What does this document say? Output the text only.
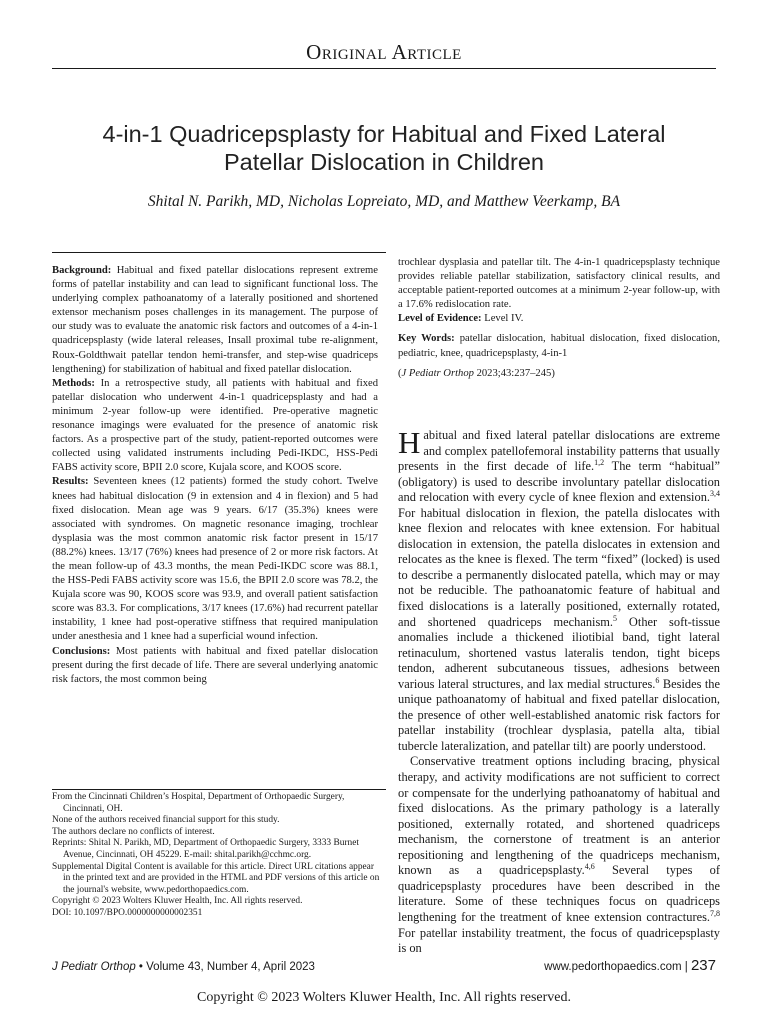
Original Article
4-in-1 Quadricepsplasty for Habitual and Fixed Lateral
Patellar Dislocation in Children
Shital N. Parikh, MD, Nicholas Lopreiato, MD, and Matthew Veerkamp, BA

Background: Habitual and fixed patellar dislocations represent extreme forms of patellar instability and can lead to significant functional loss. The underlying complex pathoanatomy of a laterally positioned and shortened extensor mechanism poses challenges in its management. The purpose of our study was to evaluate the anatomic risk factors and outcomes of a 4-in-1 quadricepsplasty (wide lateral releases, Insall proximal tube re-alignment, Roux-Goldthwait patellar tendon hemi-transfer, and step-wise quadriceps lengthening) for stabilization of habitual and fixed patellar dislocation.

Methods: In a retrospective study, all patients with habitual and fixed patellar dislocation who underwent 4-in-1 quadricepsplasty and had a minimum 2-year follow-up were identified. Pre-operative magnetic resonance imagings were evaluated for the presence of anatomic risk factors. As a prospective part of the study, patient-reported outcomes were collected using validated instruments including Pedi-IKDC, HSS-Pedi FABS activity score, BPII 2.0 score, Kujala score, and KOOS score.

Results: Seventeen knees (12 patients) formed the study cohort. Twelve knees had habitual dislocation (9 in extension and 4 in flexion) and 5 had fixed dislocation. Mean age was 9 years. 6/17 (35.3%) knees were associated with syndromes. On magnetic resonance imaging, trochlear dysplasia was the most common anatomic risk factor present in 15/17 (88.2%) knees. 13/17 (76%) knees had presence of 2 or more risk factors. At the mean follow-up of 43.3 months, the mean Pedi-IKDC score was 88.1, the HSS-Pedi FABS activity score was 15.6, the BPII 2.0 score was 78.2, the Kujala score was 90, KOOS score was 93.9, and overall patient satisfaction score was 83.3. For complications, 3/17 knees (17.6%) had recurrent patellar instability, 1 knee had post-operative stiffness that required manipulation under anesthesia and 1 knee had a superficial wound infection.

Conclusions: Most patients with habitual and fixed patellar dislocation present during the first decade of life. There are several underlying anatomic risk factors, the most common being

trochlear dysplasia and patellar tilt. The 4-in-1 quadricepsplasty technique provides reliable patellar stabilization, satisfactory clinical results, and acceptable patient-reported outcomes at a minimum 2-year follow-up, with a 17.6% redislocation rate.

Level of Evidence: Level IV.

Key Words: patellar dislocation, habitual dislocation, fixed dislocation, pediatric, knee, quadricepsplasty, 4-in-1

(J Pediatr Orthop 2023;43:237–245)

Habitual and fixed lateral patellar dislocations are extreme and complex patellofemoral instability patterns that usually presents in the first decade of life.$^{1,2}$ The term “habitual” (obligatory) is used to describe involuntary patellar dislocation and relocation with every cycle of knee flexion and extension.$^{3,4}$ For habitual dislocation in flexion, the patella dislocates with knee flexion and relocates with knee extension. For habitual dislocation in extension, the patella dislocates in extension and relocates as the knee is flexed. The term “fixed” (locked) is used to describe a permanently dislocated patella, which may or may not be reducible. The pathoanatomic feature of habitual and fixed dislocations is a laterally positioned, externally rotated, and shortened quadriceps mechanism.$^5$ Other soft-tissue anomalies include a thickened iliotibial band, tight lateral retinaculum, shortened vastus lateralis tendon, tight biceps tendon, adherent subcutaneous tissues, adhesions between various lateral structures, and lax medial structures.$^6$ Besides the unique pathoanatomy of habitual and fixed patellar dislocation, the presence of other well-established anatomic risk factors for patellar instability (trochlear dysplasia, patella alta, tibial tubercle lateralization, and patellar tilt) are poorly understood.

Conservative treatment options including bracing, physical therapy, and activity modifications are not sufficient to correct or compensate for the underlying pathoanatomy of habitual and fixed dislocations. As the primary pathology is a laterally positioned, externally rotated, and shortened quadriceps mechanism, the cornerstone of treatment is an anterior repositioning and lengthening of the quadriceps mechanism, known as a quadricepsplasty.$^{4,6}$ Several types of quadricepsplasty procedures have been described in the literature. Some of these techniques focus on quadriceps lengthening for the treatment of knee extension contractures.$^{7,8}$ For patellar instability treatment, the focus of quadricepsplasty is on

From the Cincinnati Children’s Hospital, Department of Orthopaedic Surgery, Cincinnati, OH.

None of the authors received financial support for this study.

The authors declare no conflicts of interest.

Reprints: Shital N. Parikh, MD, Department of Orthopaedic Surgery, 3333 Burnet Avenue, Cincinnati, OH 45229. E-mail: shital.parikh@cchmc.org.

Supplemental Digital Content is available for this article. Direct URL citations appear in the printed text and are provided in the HTML and PDF versions of this article on the journal's website, www.pedorthopaedics.com.

Copyright © 2023 Wolters Kluwer Health, Inc. All rights reserved.

DOI: 10.1097/BPO.0000000000002351

J Pediatr Orthop • Volume 43, Number 4, April 2023	www.pedorthopaedics.com | 237
Copyright © 2023 Wolters Kluwer Health, Inc. All rights reserved.
